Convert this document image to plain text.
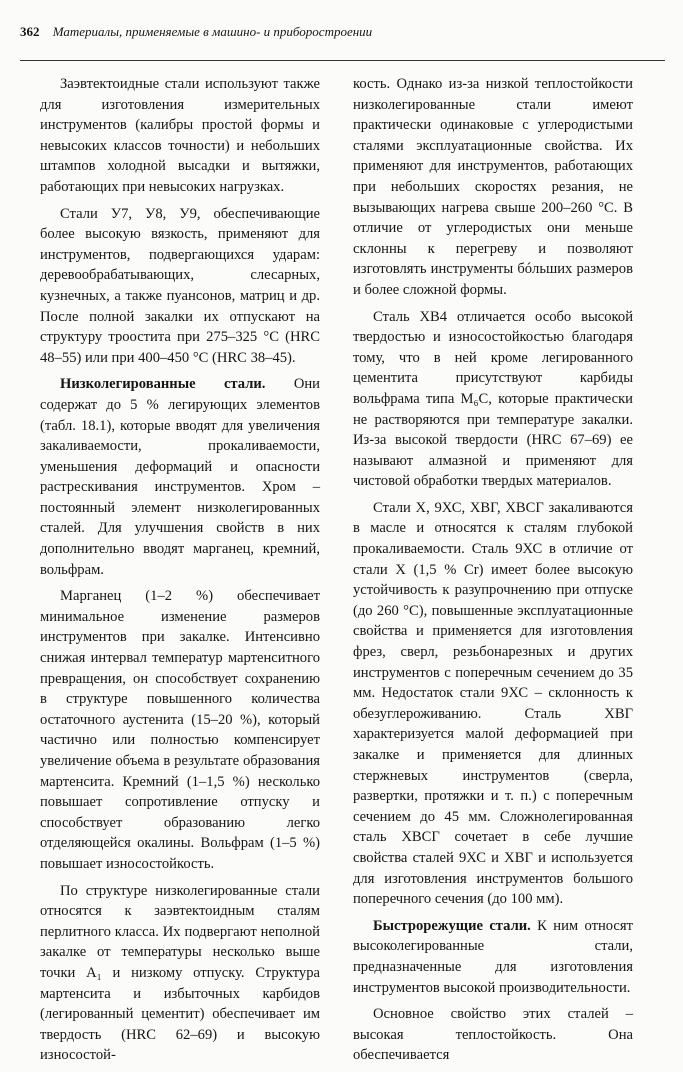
362 Материалы, применяемые в машино- и приборостроении

Заэвтектоидные стали используют также для изготовления измерительных инструментов (калибры простой формы и невысоких классов точности) и небольших штампов холодной высадки и вытяжки, работающих при невысоких нагрузках.

Стали У7, У8, У9, обеспечивающие более высокую вязкость, применяют для инструментов, подвергающихся ударам: деревообрабатывающих, слесарных, кузнечных, а также пуансонов, матриц и др. После полной закалки их отпускают на структуру троостита при 275–325 °С (HRC 48–55) или при 400–450 °С (HRC 38–45).

Низколегированные стали. Они содержат до 5 % легирующих элементов (табл. 18.1), которые вводят для увеличения закаливаемости, прокаливаемости, уменьшения деформаций и опасности растрескивания инструментов. Хром – постоянный элемент низколегированных сталей. Для улучшения свойств в них дополнительно вводят марганец, кремний, вольфрам.

Марганец (1–2 %) обеспечивает минимальное изменение размеров инструментов при закалке. Интенсивно снижая интервал температур мартенситного превращения, он способствует сохранению в структуре повышенного количества остаточного аустенита (15–20 %), который частично или полностью компенсирует увеличение объема в результате образования мартенсита. Кремний (1–1,5 %) несколько повышает сопротивление отпуску и способствует образованию легко отделяющейся окалины. Вольфрам (1–5 %) повышает износостойкость.

По структуре низколегированные стали относятся к заэвтектоидным сталям перлитного класса. Их подвергают неполной закалке от температуры несколько выше точки A₁ и низкому отпуску. Структура мартенсита и избыточных карбидов (легированный цементит) обеспечивает им твердость (HRC 62–69) и высокую износостой-

кость. Однако из-за низкой теплостойкости низколегированные стали имеют практически одинаковые с углеродистыми сталями эксплуатационные свойства. Их применяют для инструментов, работающих при небольших скоростях резания, не вызывающих нагрева свыше 200–260 °С. В отличие от углеродистых они меньше склонны к перегреву и позволяют изготовлять инструменты бóльших размеров и более сложной формы.

Сталь ХВ4 отличается особо высокой твердостью и износостойкостью благодаря тому, что в ней кроме легированного цементита присутствуют карбиды вольфрама типа M₆C, которые практически не растворяются при температуре закалки. Из-за высокой твердости (HRC 67–69) ее называют алмазной и применяют для чистовой обработки твердых материалов.

Стали Х, 9ХС, ХВГ, ХВСГ закаливаются в масле и относятся к сталям глубокой прокаливаемости. Сталь 9ХС в отличие от стали Х (1,5 % Cr) имеет более высокую устойчивость к разупрочнению при отпуске (до 260 °С), повышенные эксплуатационные свойства и применяется для изготовления фрез, сверл, резьбонарезных и других инструментов с поперечным сечением до 35 мм. Недостаток стали 9ХС – склонность к обезуглероживанию. Сталь ХВГ характеризуется малой деформацией при закалке и применяется для длинных стержневых инструментов (сверла, развертки, протяжки и т. п.) с поперечным сечением до 45 мм. Сложнолегированная сталь ХВСГ сочетает в себе лучшие свойства сталей 9ХС и ХВГ и используется для изготовления инструментов большого поперечного сечения (до 100 мм).

Быстрорежущие стали. К ним относят высоколегированные стали, предназначенные для изготовления инструментов высокой производительности.

Основное свойство этих сталей – высокая теплостойкость. Она обеспечивается
